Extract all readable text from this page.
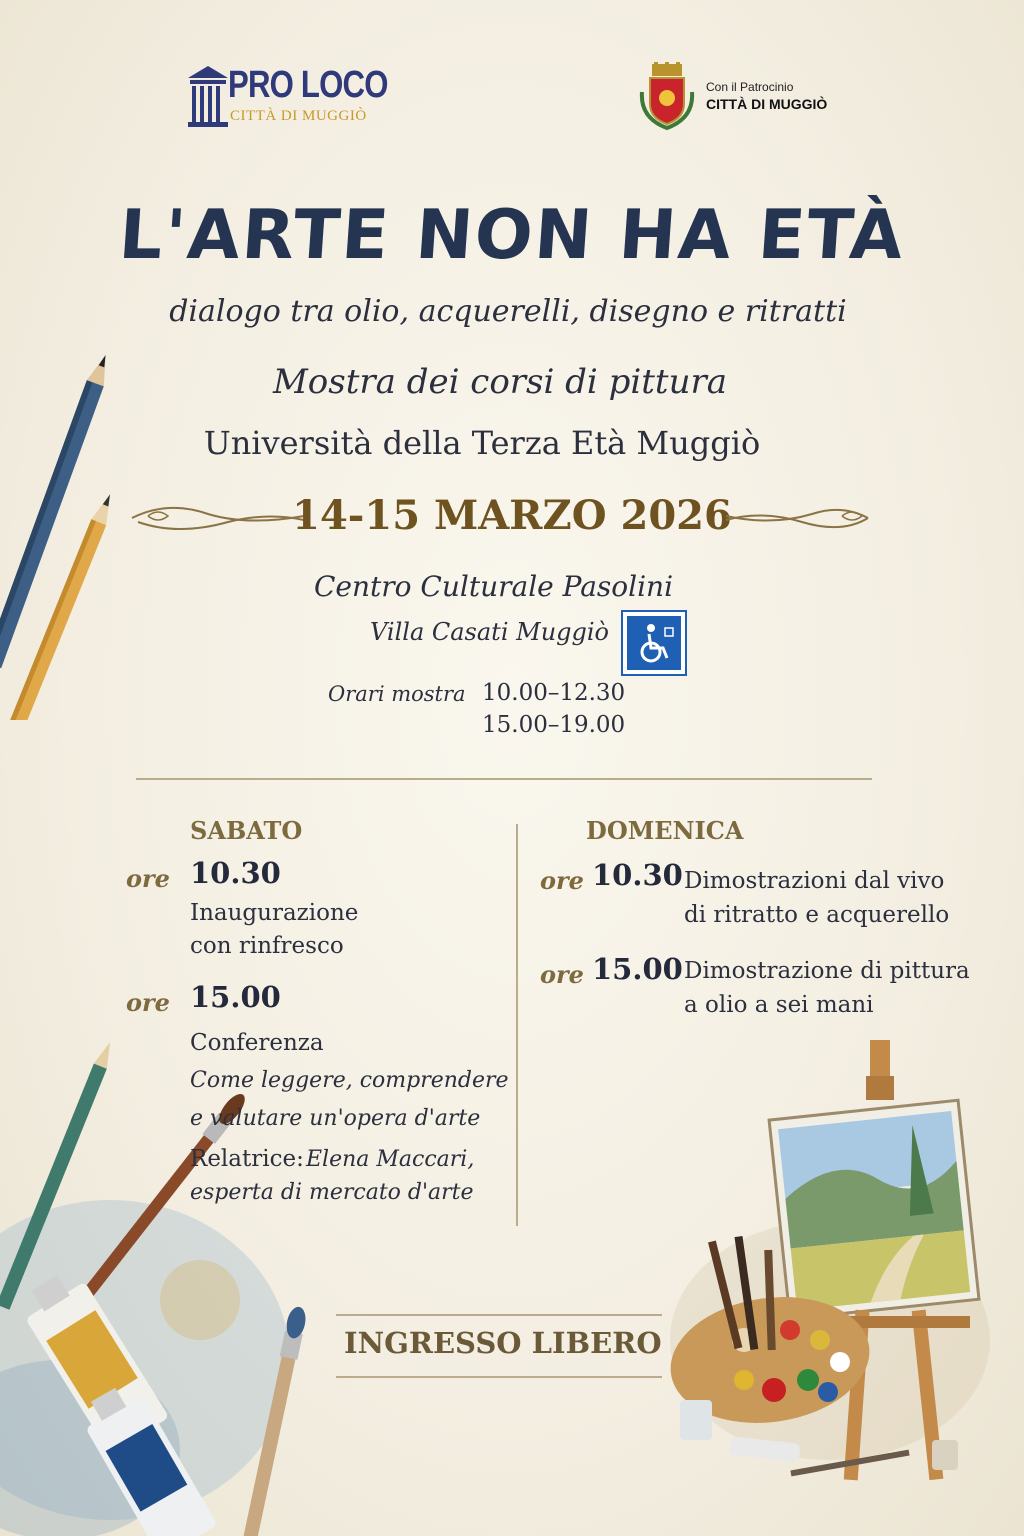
PRO LOCO
CITTÀ DI MUGGIÒ
Con il Patrocinio
CITTÀ DI MUGGIÒ
L'ARTE NON HA ETÀ
dialogo tra olio, acquerelli, disegno e ritratti
Mostra dei corsi di pittura
Università della Terza Età Muggiò
14-15 MARZO 2026
Centro Culturale Pasolini
Villa Casati Muggiò
Orari mostra 10.00–12.30
15.00–19.00
SABATO
ore 10.30
Inaugurazione
con rinfresco
ore 15.00
Conferenza
Come leggere, comprendere
e valutare un'opera d'arte
Relatrice: Elena Maccari,
esperta di mercato d'arte
DOMENICA
ore 10.30 Dimostrazioni dal vivo
di ritratto e acquerello
ore 15.00 Dimostrazione di pittura
a olio a sei mani
INGRESSO LIBERO
